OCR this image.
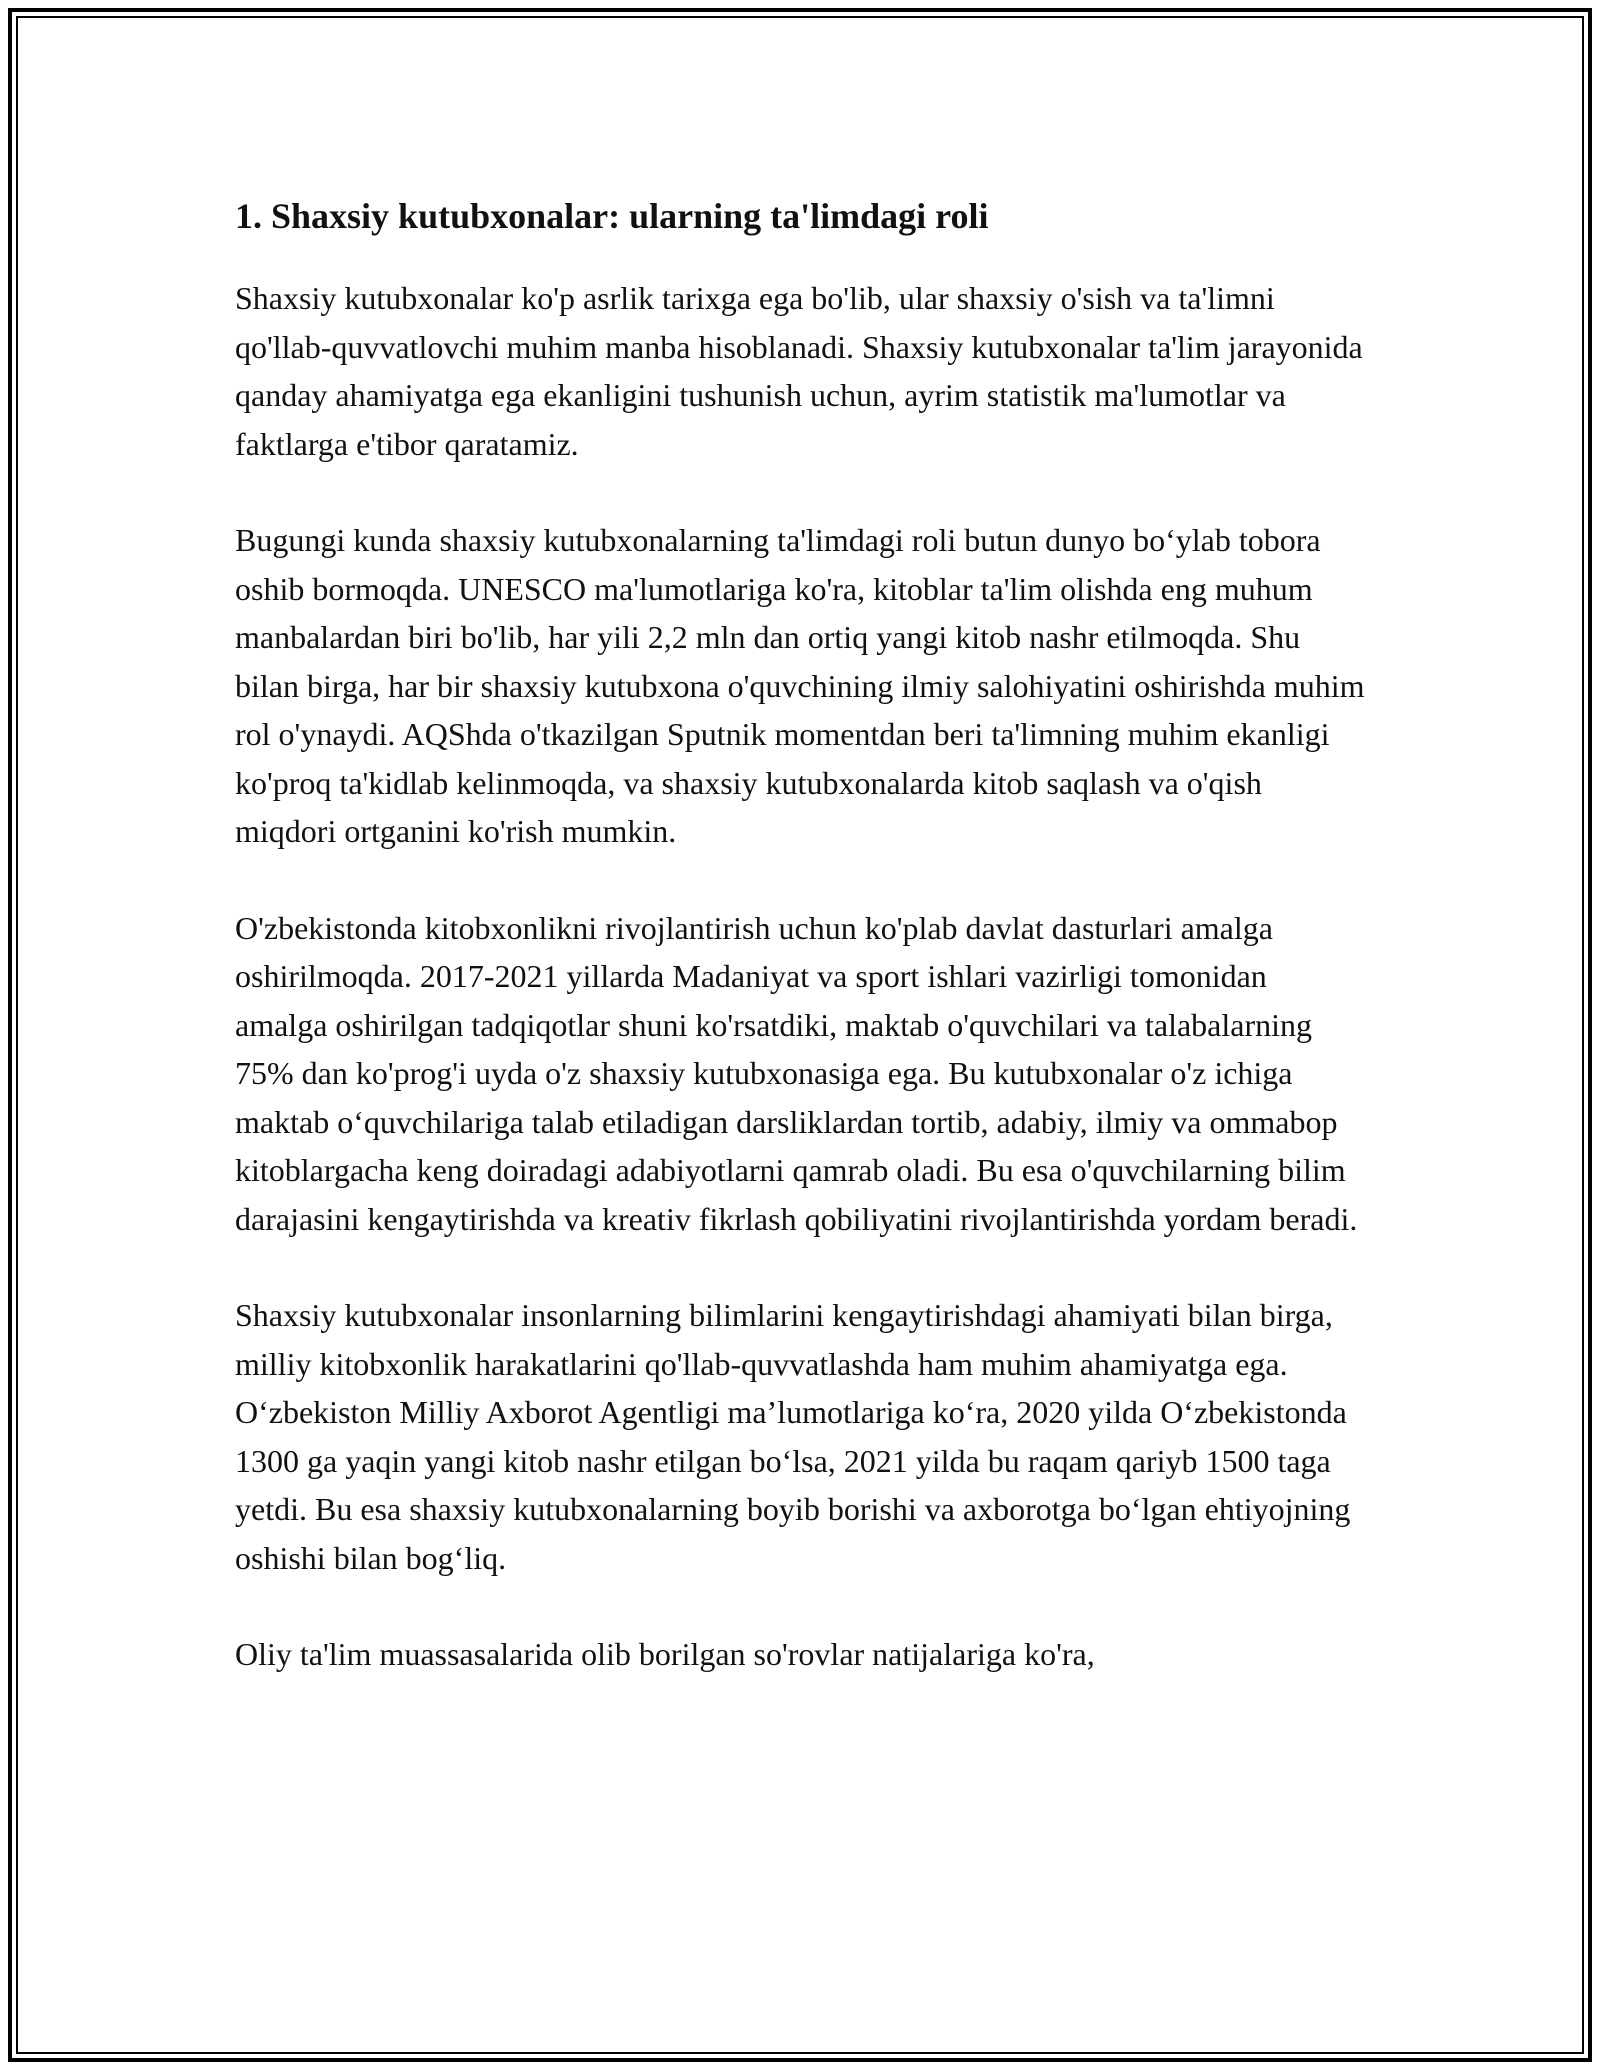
1. Shaxsiy kutubxonalar: ularning ta'limdagi roli

Shaxsiy kutubxonalar ko'p asrlik tarixga ega bo'lib, ular shaxsiy o'sish va ta'limni qo'llab-quvvatlovchi muhim manba hisoblanadi. Shaxsiy kutubxonalar ta'lim jarayonida qanday ahamiyatga ega ekanligini tushunish uchun, ayrim statistik ma'lumotlar va faktlarga e'tibor qaratamiz.

Bugungi kunda shaxsiy kutubxonalarning ta'limdagi roli butun dunyo bo‘ylab tobora oshib bormoqda. UNESCO ma'lumotlariga ko'ra, kitoblar ta'lim olishda eng muhum manbalardan biri bo'lib, har yili 2,2 mln dan ortiq yangi kitob nashr etilmoqda. Shu bilan birga, har bir shaxsiy kutubxona o'quvchining ilmiy salohiyatini oshirishda muhim rol o'ynaydi. AQShda o'tkazilgan Sputnik momentdan beri ta'limning muhim ekanligi ko'proq ta'kidlab kelinmoqda, va shaxsiy kutubxonalarda kitob saqlash va o'qish miqdori ortganini ko'rish mumkin.

O'zbekistonda kitobxonlikni rivojlantirish uchun ko'plab davlat dasturlari amalga oshirilmoqda. 2017-2021 yillarda Madaniyat va sport ishlari vazirligi tomonidan amalga oshirilgan tadqiqotlar shuni ko'rsatdiki, maktab o'quvchilari va talabalarning 75% dan ko'prog'i uyda o'z shaxsiy kutubxonasiga ega. Bu kutubxonalar o'z ichiga maktab o‘quvchilariga talab etiladigan darsliklardan tortib, adabiy, ilmiy va ommabop kitoblargacha keng doiradagi adabiyotlarni qamrab oladi. Bu esa o'quvchilarning bilim darajasini kengaytirishda va kreativ fikrlash qobiliyatini rivojlantirishda yordam beradi.

Shaxsiy kutubxonalar insonlarning bilimlarini kengaytirishdagi ahamiyati bilan birga, milliy kitobxonlik harakatlarini qo'llab-quvvatlashda ham muhim ahamiyatga ega. O‘zbekiston Milliy Axborot Agentligi ma’lumotlariga ko‘ra, 2020 yilda O‘zbekistonda 1300 ga yaqin yangi kitob nashr etilgan bo‘lsa, 2021 yilda bu raqam qariyb 1500 taga yetdi. Bu esa shaxsiy kutubxonalarning boyib borishi va axborotga bo‘lgan ehtiyojning oshishi bilan bog‘liq.

Oliy ta'lim muassasalarida olib borilgan so'rovlar natijalariga ko'ra,
